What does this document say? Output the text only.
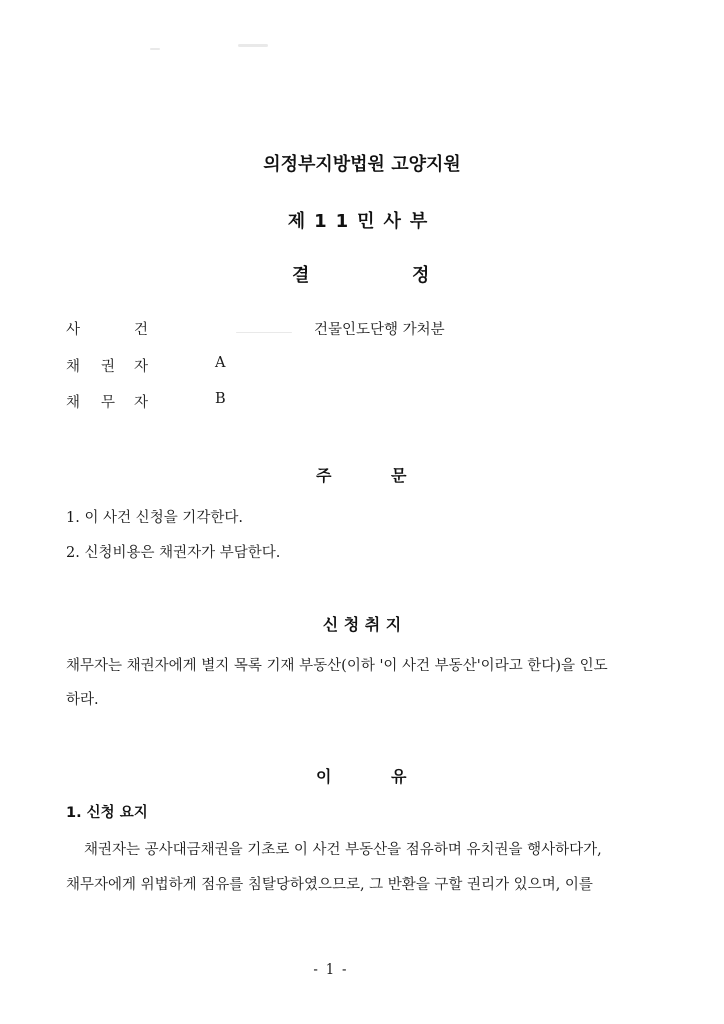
의정부지방법원 고양지원
제11민사부
결	정
사	건	건물인도단행 가처분
채 권 자	A
채 무 자	B
주	문
1. 이 사건 신청을 기각한다.
2. 신청비용은 채권자가 부담한다.
신 청 취 지
채무자는 채권자에게 별지 목록 기재 부동산(이하 '이 사건 부동산'이라고 한다)을 인도
하라.
이	유
1. 신청 요지
채권자는 공사대금채권을 기초로 이 사건 부동산을 점유하며 유치권을 행사하다가,
채무자에게 위법하게 점유를 침탈당하였으므로, 그 반환을 구할 권리가 있으며, 이를
- 1 -
